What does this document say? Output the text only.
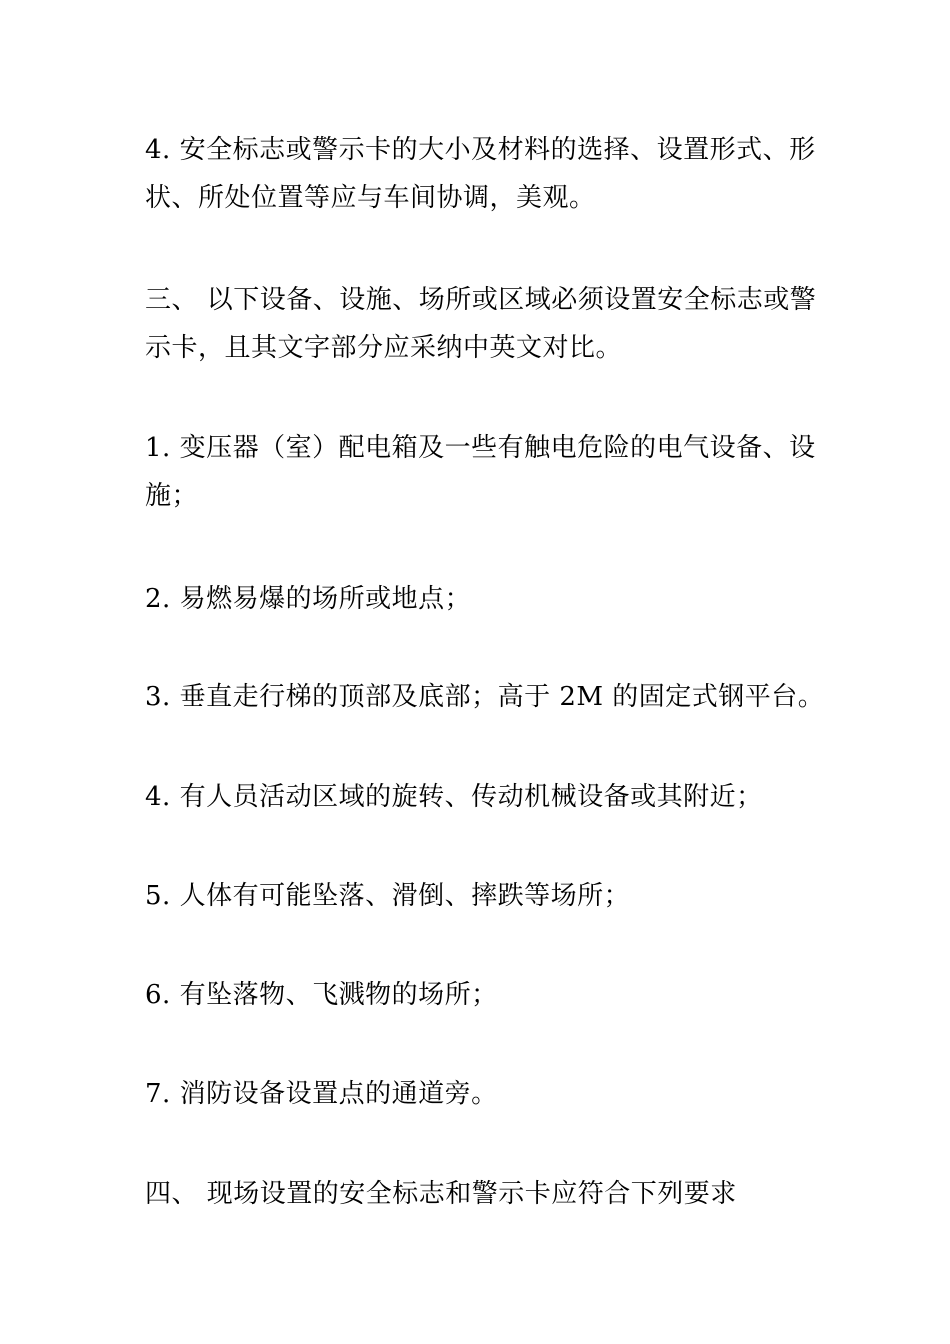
4. 安全标志或警示卡的大小及材料的选择、设置形式、形
状、所处位置等应与车间协调，美观。

三、 以下设备、设施、场所或区域必须设置安全标志或警
示卡，且其文字部分应采纳中英文对比。

1. 变压器（室）配电箱及一些有触电危险的电气设备、设
施；

2. 易燃易爆的场所或地点；

3. 垂直走行梯的顶部及底部；高于 2M 的固定式钢平台。

4. 有人员活动区域的旋转、传动机械设备或其附近；

5. 人体有可能坠落、滑倒、摔跌等场所；

6. 有坠落物、飞溅物的场所；

7. 消防设备设置点的通道旁。

四、 现场设置的安全标志和警示卡应符合下列要求
